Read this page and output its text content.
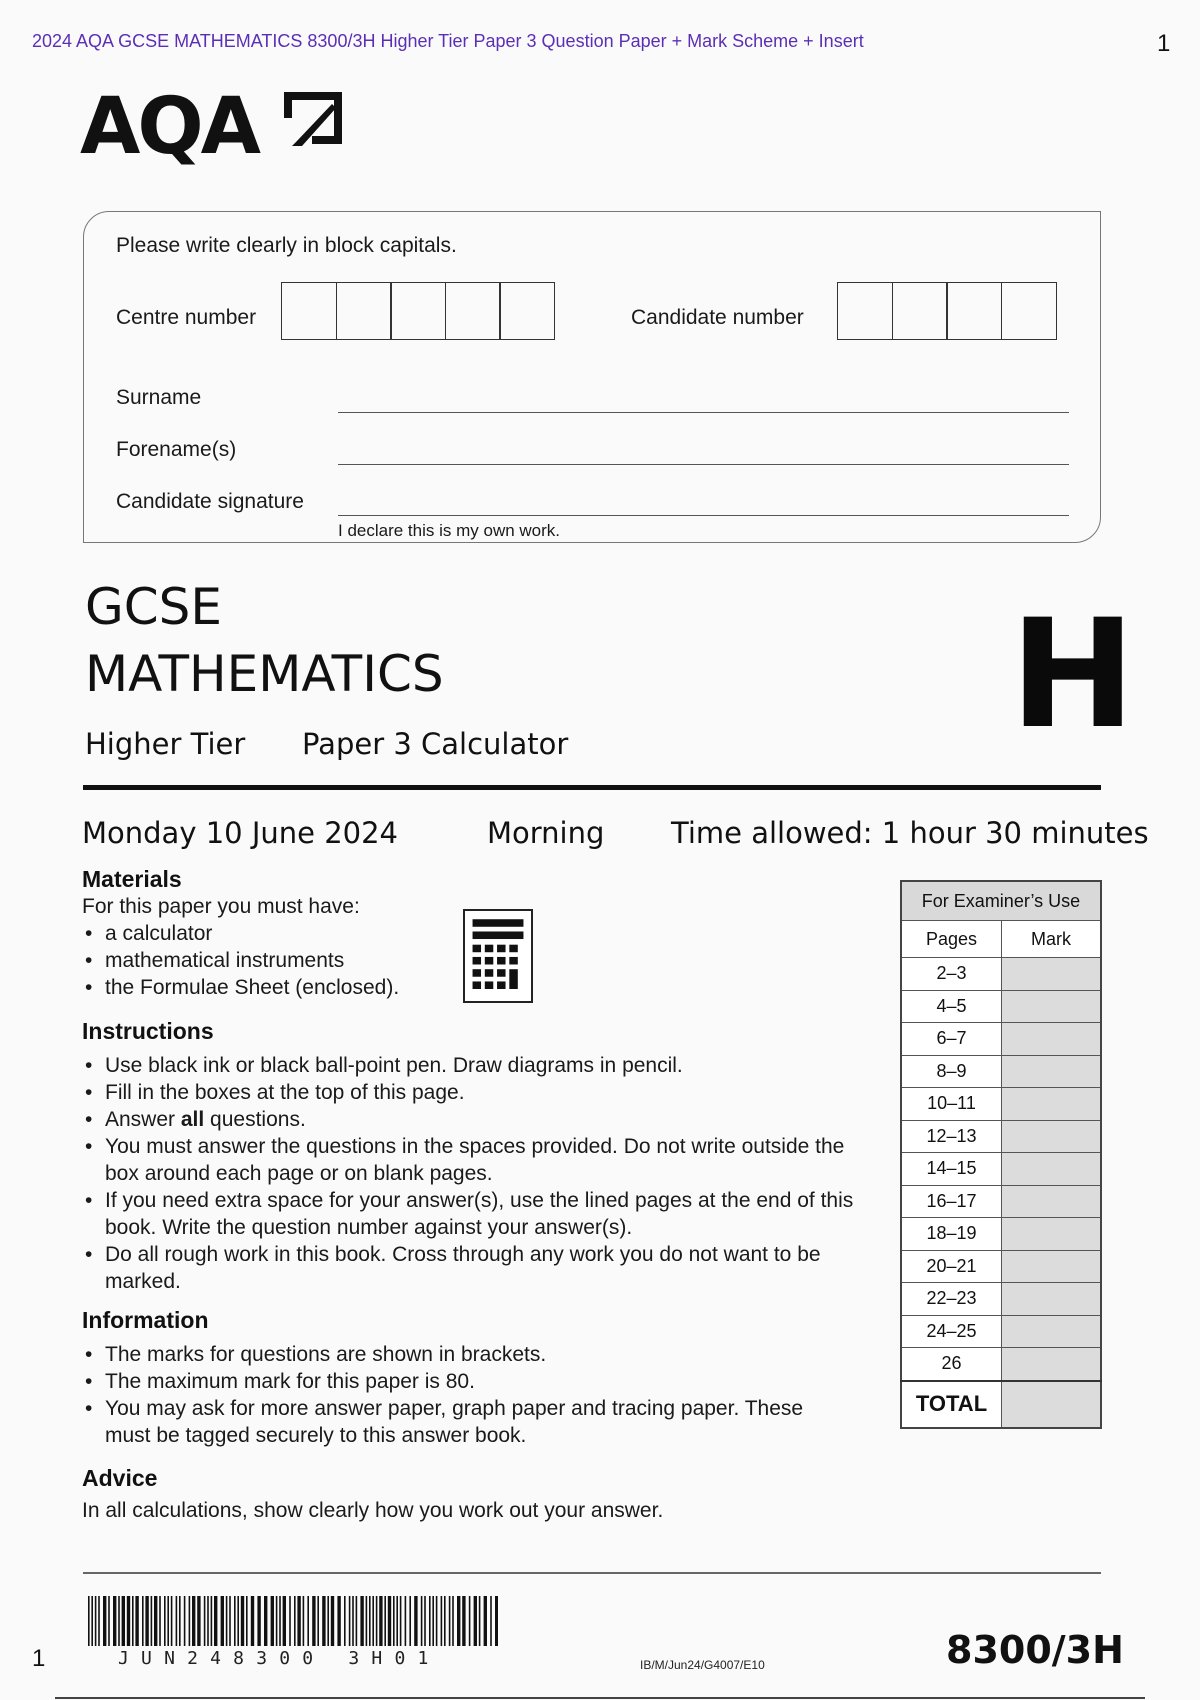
2024 AQA GCSE MATHEMATICS 8300/3H Higher Tier Paper 3 Question Paper + Mark Scheme + Insert	1
AQA
Please write clearly in block capitals.
Centre number	Candidate number
Surname
Forename(s)
Candidate signature
I declare this is my own work.
GCSE
MATHEMATICS
Higher Tier Paper 3 Calculator	H
Monday 10 June 2024	Morning Time allowed: 1 hour 30 minutes
Materials
For this paper you must have:
• a calculator
• mathematical instruments
• the Formulae Sheet (enclosed).
Instructions
• Use black ink or black ball-point pen. Draw diagrams in pencil.
• Fill in the boxes at the top of this page.
• Answer all questions.
• You must answer the questions in the spaces provided. Do not write outside the box around each page or on blank pages.
• If you need extra space for your answer(s), use the lined pages at the end of this book. Write the question number against your answer(s).
• Do all rough work in this book. Cross through any work you do not want to be marked.
Information
• The marks for questions are shown in brackets.
• The maximum mark for this paper is 80.
• You may ask for more answer paper, graph paper and tracing paper. These must be tagged securely to this answer book.
Advice
In all calculations, show clearly how you work out your answer.
For Examiner’s Use	
Pages	Mark
2–3	
4–5	
6–7	
8–9	
10–11	
12–13	
14–15	
16–17	
18–19	
20–21	
22–23	
24–25	
26	
TOTAL	
JUN248300 3H01
1	IB/M/Jun24/G4007/E10	8300/3H
